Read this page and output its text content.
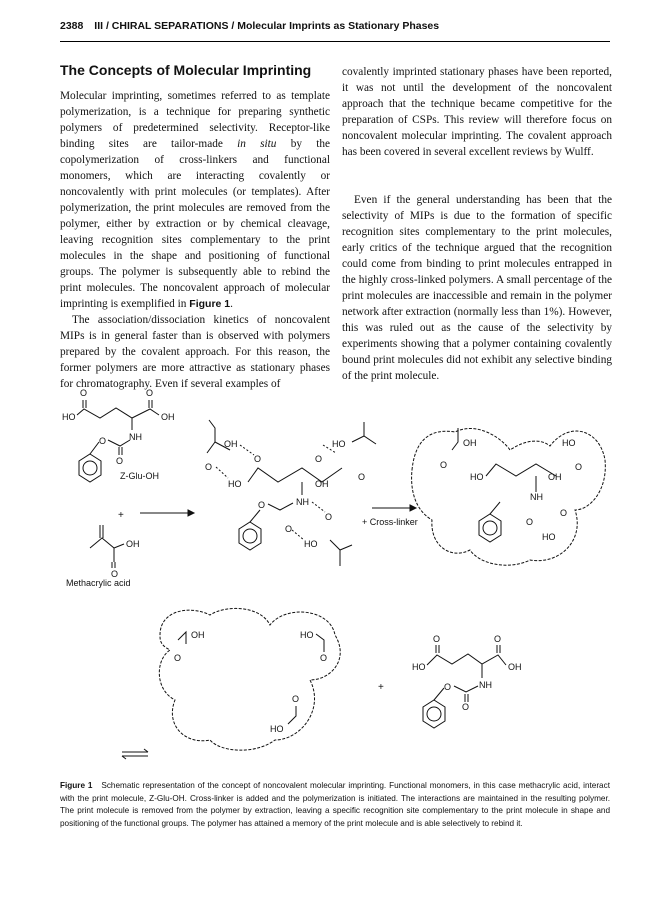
2388 III / CHIRAL SEPARATIONS / Molecular Imprints as Stationary Phases
The Concepts of Molecular Imprinting

Molecular imprinting, sometimes referred to as template polymerization, is a technique for preparing synthetic polymers of predetermined selectivity. Receptor-like binding sites are tailor-made in situ by the copolymerization of cross-linkers and functional monomers, which are interacting covalently or noncovalently with print molecules (or templates). After polymerization, the print molecules are removed from the polymer, either by extraction or by chemical cleavage, leaving recognition sites complementary to the print molecules in the shape and positioning of functional groups. The polymer is subsequently able to rebind the print molecules. The noncovalent approach of molecular imprinting is exemplified in Figure 1.

The association/dissociation kinetics of noncovalent MIPs is in general faster than is observed with polymers prepared by the covalent approach. For this reason, the former polymers are more attractive as stationary phases for chromatography. Even if several examples of

covalently imprinted stationary phases have been reported, it was not until the development of the noncovalent approach that the technique became competitive for the preparation of CSPs. This review will therefore focus on noncovalent molecular imprinting. The covalent approach has been covered in several excellent reviews by Wulff.

Even if the general understanding has been that the selectivity of MIPs is due to the formation of specific recognition sites complementary to the print molecules, early critics of the technique argued that the recognition could come from binding to print molecules entrapped in the highly cross-linked polymers. A small percentage of the print molecules are inaccessible and remain in the polymer network after extraction (normally less than 1%). However, this was ruled out as the cause of the selectivity by experiments showing that a polymer containing covalently bound print molecules did not exhibit any selective binding of the print molecule.

O	O
HO	OH
NH
O
O
Z-Glu-OH
+
OH
O
Methacrylic acid
OH
O
O
HO
NH
OH
O
HO
O
O
O
O
HO
+ Cross-linker
OH
O
HO
NH
OH
HO
O
O
HO
O
OH
O
HO
O
O
HO
+
O	O
HO	OH
NH
O
O
Figure 1 Schematic representation of the concept of noncovalent molecular imprinting. Functional monomers, in this case methacrylic acid, interact with the print molecule, Z-Glu-OH. Cross-linker is added and the polymerization is initiated. The interactions are maintained in the resulting polymer. The print molecule is removed from the polymer by extraction, leaving a specific recognition site complementary to the print molecule in shape and positioning of the functional groups. The polymer has attained a memory of the print molecule and is able selectively to rebind it.
